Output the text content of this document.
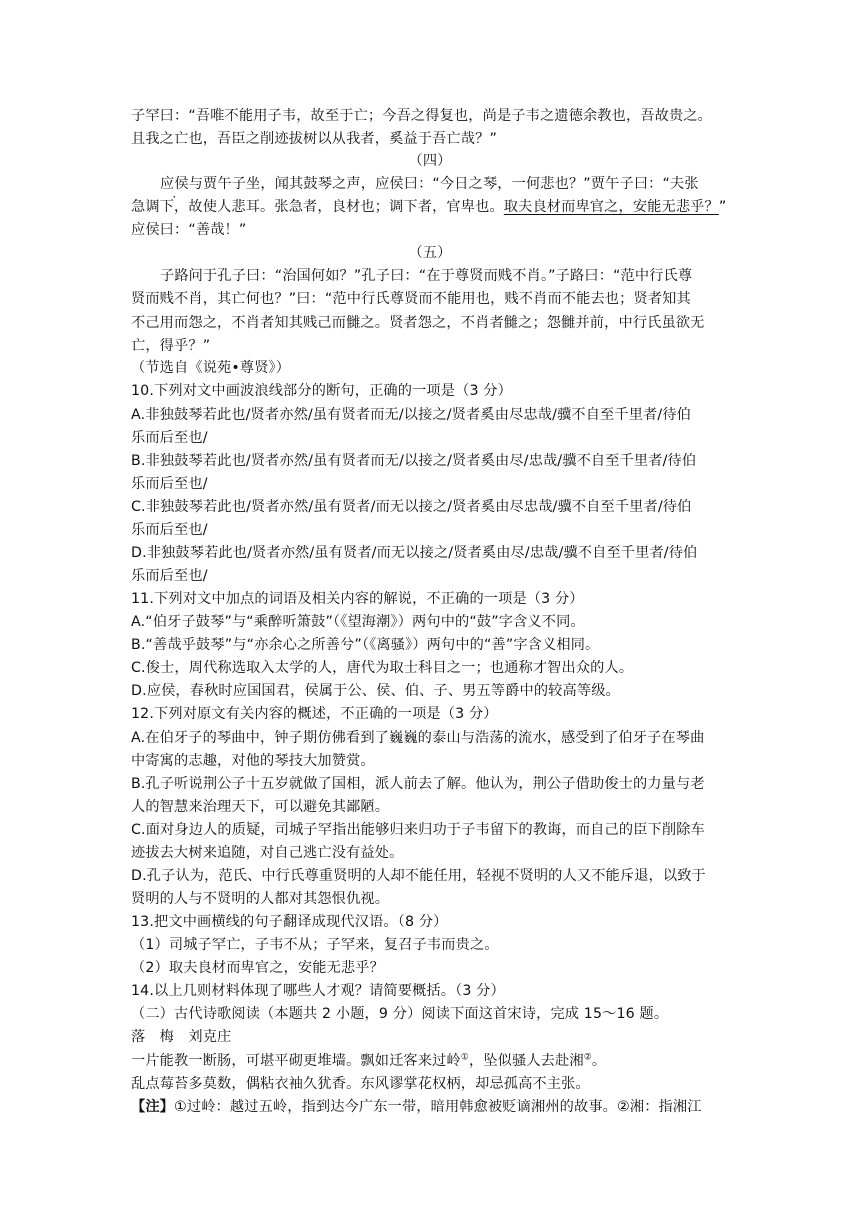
子罕曰：“吾唯不能用子韦，故至于亡；今吾之得复也，尚是子韦之遗德余教也，吾故贵之。
且我之亡也，吾臣之削迹拔树以从我者，奚益于吾亡哉？”
（四）
应侯与贾午子坐，闻其鼓琴之声，应侯曰：“今日之琴，一何悲也？”贾午子曰：“夫张
急调下，故使人悲耳。张急者，良材也；调下者，官卑也。取夫良材而卑官之，安能无悲乎？”
应侯曰：“善哉！”
（五）
子路问于孔子曰：“治国何如？”孔子曰：“在于尊贤而贱不肖。”子路曰：“范中行氏尊
贤而贱不肖，其亡何也？”曰：“范中行氏尊贤而不能用也，贱不肖而不能去也；贤者知其
不己用而怨之，不肖者知其贱己而雠之。贤者怨之，不肖者雠之；怨雠并前，中行氏虽欲无
亡，得乎？”
（节选自《说苑•尊贤》）
10.下列对文中画波浪线部分的断句，正确的一项是（3 分）
A.非独鼓琴若此也/贤者亦然/虽有贤者而无/以接之/贤者奚由尽忠哉/骥不自至千里者/待伯
乐而后至也/
B.非独鼓琴若此也/贤者亦然/虽有贤者而无/以接之/贤者奚由尽/忠哉/骥不自至千里者/待伯
乐而后至也/
C.非独鼓琴若此也/贤者亦然/虽有贤者/而无以接之/贤者奚由尽忠哉/骥不自至千里者/待伯
乐而后至也/
D.非独鼓琴若此也/贤者亦然/虽有贤者/而无以接之/贤者奚由尽/忠哉/骥不自至千里者/待伯
乐而后至也/
11.下列对文中加点的词语及相关内容的解说，不正确的一项是（3 分）
A.“伯牙子鼓琴”与“乘醉听箫鼓”（《望海潮》）两句中的“鼓”字含义不同。
B.“善哉乎鼓琴”与“亦余心之所善兮”（《离骚》）两句中的“善”字含义相同。
C.俊士，周代称选取入太学的人，唐代为取士科目之一；也通称才智出众的人。
D.应侯，春秋时应国国君，侯属于公、侯、伯、子、男五等爵中的较高等级。
12.下列对原文有关内容的概述，不正确的一项是（3 分）
A.在伯牙子的琴曲中，钟子期仿佛看到了巍巍的泰山与浩荡的流水，感受到了伯牙子在琴曲
中寄寓的志趣，对他的琴技大加赞赏。
B.孔子听说荆公子十五岁就做了国相，派人前去了解。他认为，荆公子借助俊士的力量与老
人的智慧来治理天下，可以避免其鄙陋。
C.面对身边人的质疑，司城子罕指出能够归来归功于子韦留下的教诲，而自己的臣下削除车
迹拔去大树来追随，对自己逃亡没有益处。
D.孔子认为，范氏、中行氏尊重贤明的人却不能任用，轻视不贤明的人又不能斥退，以致于
贤明的人与不贤明的人都对其怨恨仇视。
13.把文中画横线的句子翻译成现代汉语。（8 分）
（1）司城子罕亡，子韦不从；子罕来，复召子韦而贵之。
（2）取夫良材而卑官之，安能无悲乎？
14.以上几则材料体现了哪些人才观？请简要概括。（3 分）
（二）古代诗歌阅读（本题共 2 小题，9 分）阅读下面这首宋诗，完成 15～16 题。
落　梅　刘克庄
一片能教一断肠，可堪平砌更堆墙。飘如迁客来过岭①，坠似骚人去赴湘②。
乱点莓苔多莫数，偶粘衣袖久犹香。东风谬掌花权柄，却忌孤高不主张。
【注】①过岭：越过五岭，指到达今广东一带，暗用韩愈被贬谪湘州的故事。②湘：指湘江
